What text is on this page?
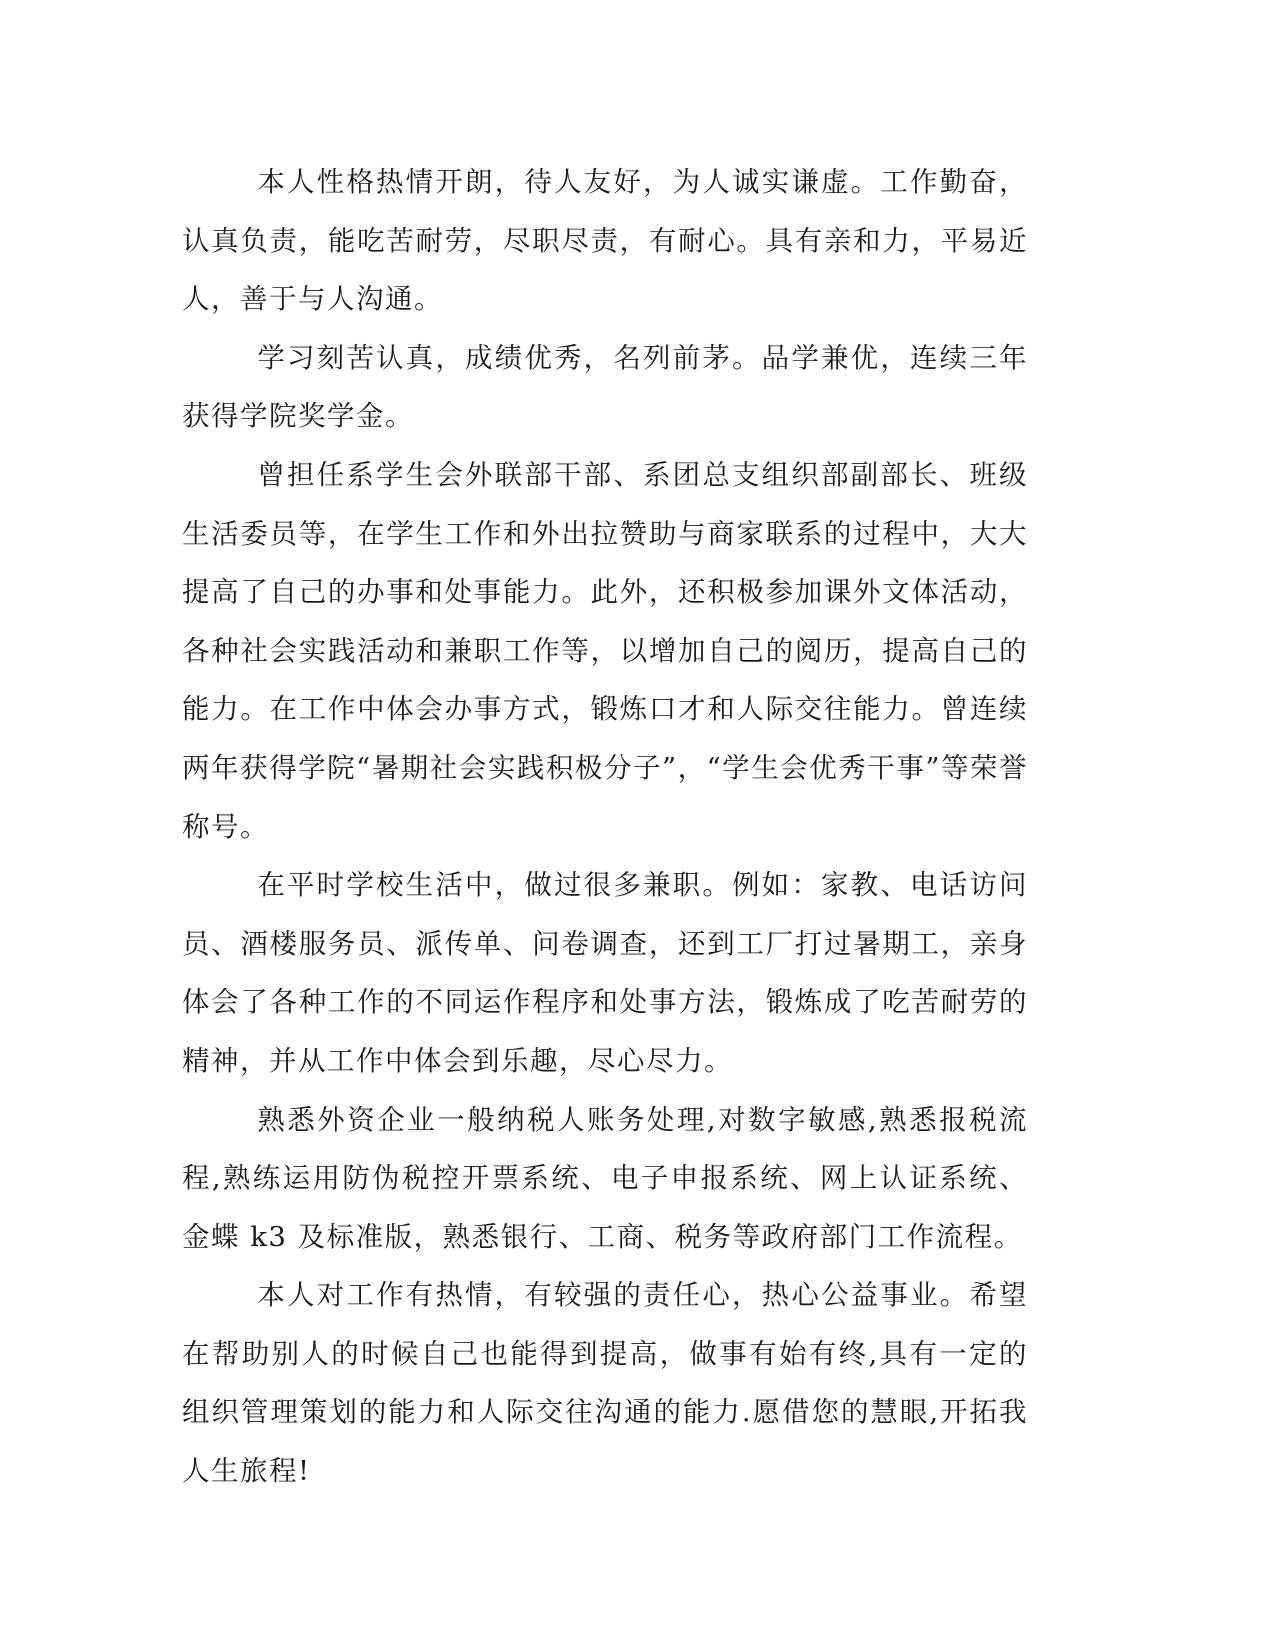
本人性格热情开朗，待人友好，为人诚实谦虚。工作勤奋，认真负责，能吃苦耐劳，尽职尽责，有耐心。具有亲和力，平易近人，善于与人沟通。

学习刻苦认真，成绩优秀，名列前茅。品学兼优，连续三年获得学院奖学金。

曾担任系学生会外联部干部、系团总支组织部副部长、班级生活委员等，在学生工作和外出拉赞助与商家联系的过程中，大大提高了自己的办事和处事能力。此外，还积极参加课外文体活动，各种社会实践活动和兼职工作等，以增加自己的阅历，提高自己的能力。在工作中体会办事方式，锻炼口才和人际交往能力。曾连续两年获得学院“暑期社会实践积极分子”，“学生会优秀干事”等荣誉称号。

在平时学校生活中，做过很多兼职。例如：家教、电话访问员、酒楼服务员、派传单、问卷调查，还到工厂打过暑期工，亲身体会了各种工作的不同运作程序和处事方法，锻炼成了吃苦耐劳的精神，并从工作中体会到乐趣，尽心尽力。

熟悉外资企业一般纳税人账务处理,对数字敏感,熟悉报税流程,熟练运用防伪税控开票系统、电子申报系统、网上认证系统、金蝶 k3 及标准版，熟悉银行、工商、税务等政府部门工作流程。

本人对工作有热情，有较强的责任心，热心公益事业。希望在帮助别人的时候自己也能得到提高，做事有始有终,具有一定的组织管理策划的能力和人际交往沟通的能力.愿借您的慧眼,开拓我人生旅程!
